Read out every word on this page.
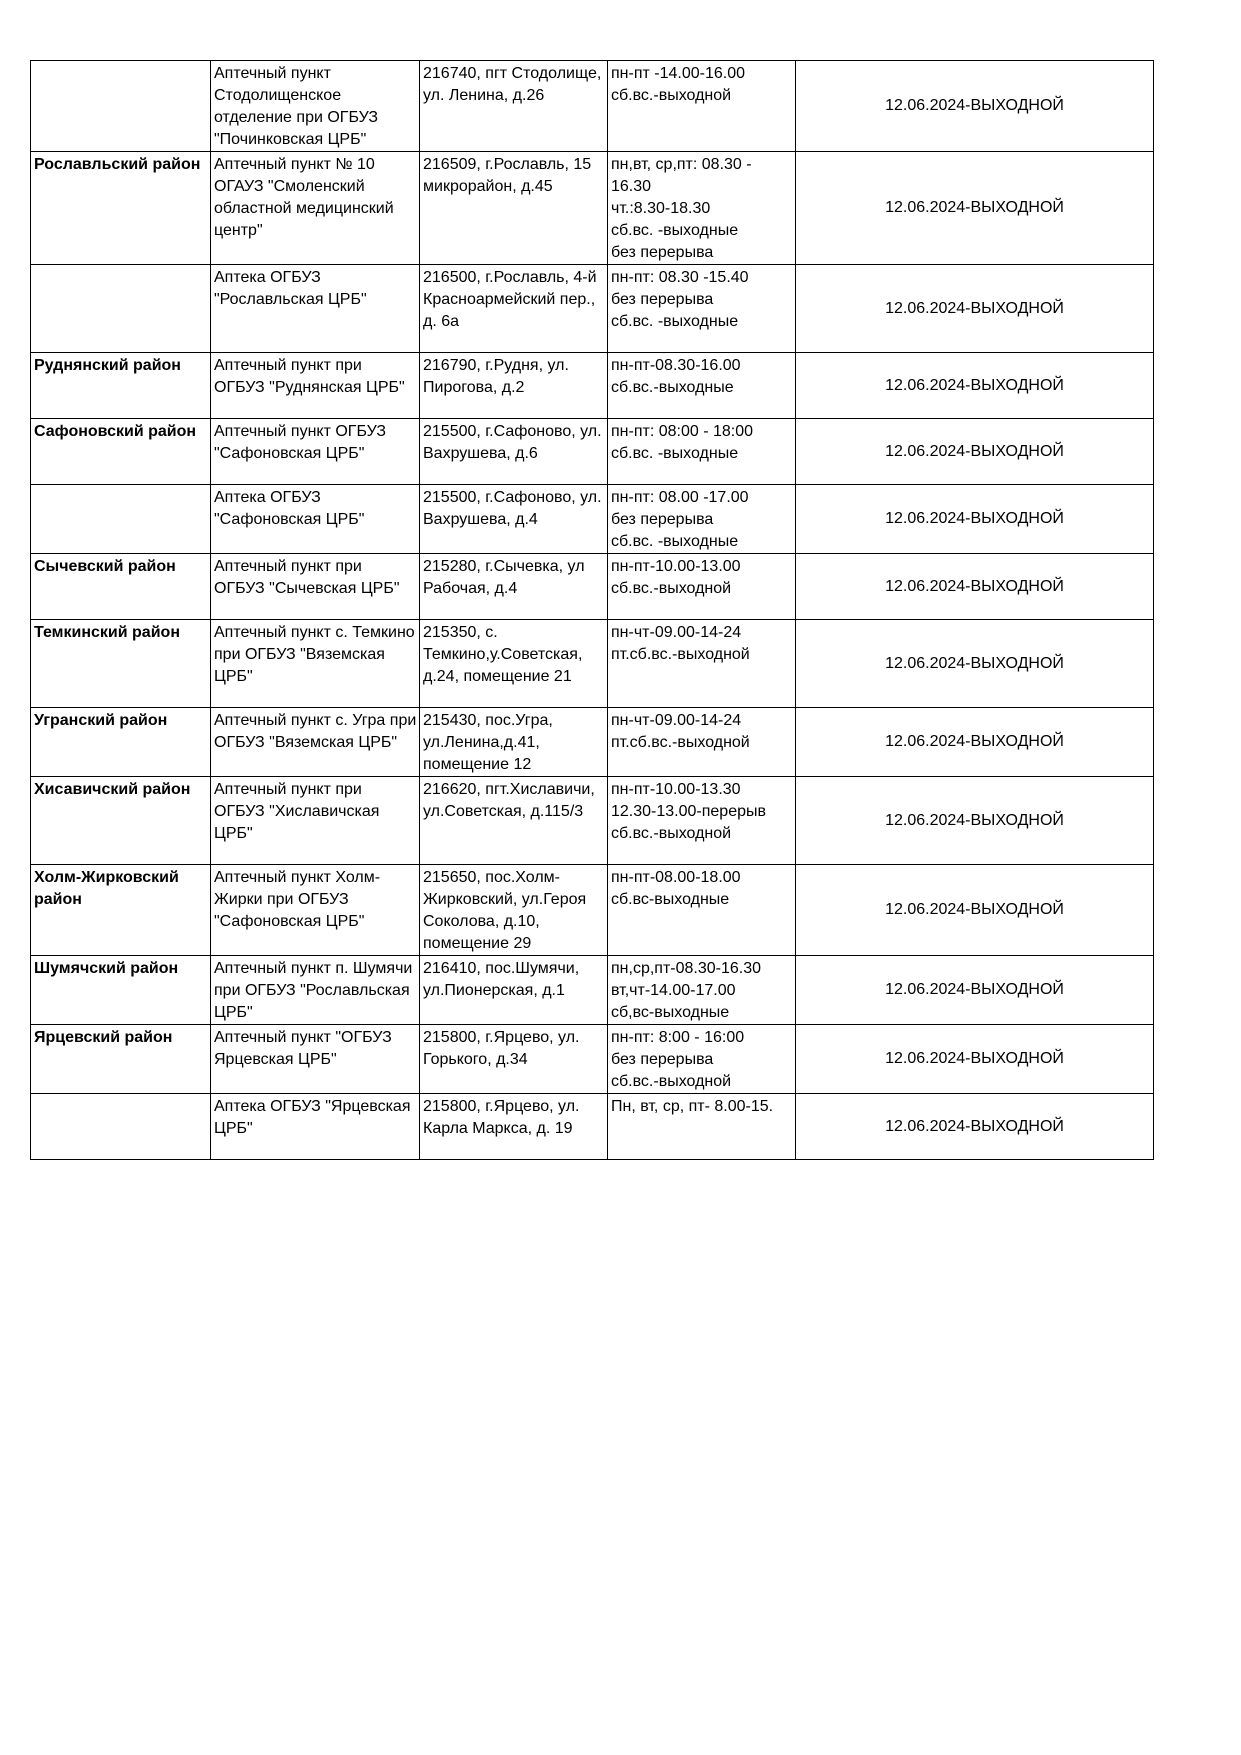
	Аптечный пункт Стодолищенское отделение при ОГБУЗ "Починковская ЦРБ"	216740, пгт Стодолище, ул. Ленина, д.26	пн-пт -14.00-16.00
сб.вс.-выходной	12.06.2024-ВЫХОДНОЙ
Рославльский район	Аптечный пункт № 10 ОГАУЗ "Смоленский областной медицинский центр"	216509, г.Рославль, 15 микрорайон, д.45	пн,вт, ср,пт: 08.30 - 16.30
чт.:8.30-18.30
сб.вс. -выходные
без перерыва	12.06.2024-ВЫХОДНОЙ
	Аптека ОГБУЗ "Рославльская ЦРБ"	216500, г.Рославль, 4-й Красноармейский пер., д. 6а	пн-пт: 08.30 -15.40
без перерыва
сб.вс. -выходные	12.06.2024-ВЫХОДНОЙ
Руднянский район	Аптечный пункт при ОГБУЗ "Руднянская ЦРБ"	216790, г.Рудня, ул. Пирогова, д.2	пн-пт-08.30-16.00
сб.вс.-выходные	12.06.2024-ВЫХОДНОЙ
Сафоновский район	Аптечный пункт ОГБУЗ "Сафоновская ЦРБ"	215500, г.Сафоново, ул. Вахрушева, д.6	пн-пт: 08:00 - 18:00
сб.вс. -выходные	12.06.2024-ВЫХОДНОЙ
	Аптека ОГБУЗ "Сафоновская ЦРБ"	215500, г.Сафоново, ул. Вахрушева, д.4	пн-пт: 08.00 -17.00
без перерыва
сб.вс. -выходные	12.06.2024-ВЫХОДНОЙ
Сычевский район	Аптечный пункт при ОГБУЗ "Сычевская ЦРБ"	215280, г.Сычевка, ул Рабочая, д.4	пн-пт-10.00-13.00
сб.вс.-выходной	12.06.2024-ВЫХОДНОЙ
Темкинский район	Аптечный пункт с. Темкино при ОГБУЗ "Вяземская ЦРБ"	215350, с. Темкино,у.Советская, д.24, помещение 21	пн-чт-09.00-14-24
пт.сб.вс.-выходной	12.06.2024-ВЫХОДНОЙ
Угранский район	Аптечный пункт с. Угра при ОГБУЗ "Вяземская ЦРБ"	215430, пос.Угра, ул.Ленина,д.41, помещение 12	пн-чт-09.00-14-24
пт.сб.вс.-выходной	12.06.2024-ВЫХОДНОЙ
Хисавичский район	Аптечный пункт при ОГБУЗ "Хиславичская ЦРБ"	216620, пгт.Хиславичи, ул.Советская, д.115/3	пн-пт-10.00-13.30
12.30-13.00-перерыв
сб.вс.-выходной	12.06.2024-ВЫХОДНОЙ
Холм-Жирковский район	Аптечный пункт Холм-Жирки при ОГБУЗ "Сафоновская ЦРБ"	215650, пос.Холм-Жирковский, ул.Героя Соколова, д.10, помещение 29	пн-пт-08.00-18.00
сб.вс-выходные	12.06.2024-ВЫХОДНОЙ
Шумячский район	Аптечный пункт п. Шумячи при ОГБУЗ "Рославльская ЦРБ"	216410, пос.Шумячи, ул.Пионерская, д.1	пн,ср,пт-08.30-16.30
вт,чт-14.00-17.00
сб,вс-выходные	12.06.2024-ВЫХОДНОЙ
Ярцевский район	Аптечный пункт "ОГБУЗ Ярцевская ЦРБ"	215800, г.Ярцево, ул. Горького, д.34	пн-пт: 8:00 - 16:00
без перерыва
сб.вс.-выходной	12.06.2024-ВЫХОДНОЙ
	Аптека ОГБУЗ "Ярцевская ЦРБ"	215800, г.Ярцево, ул. Карла Маркса, д. 19	Пн, вт, ср, пт- 8.00-15.	12.06.2024-ВЫХОДНОЙ
